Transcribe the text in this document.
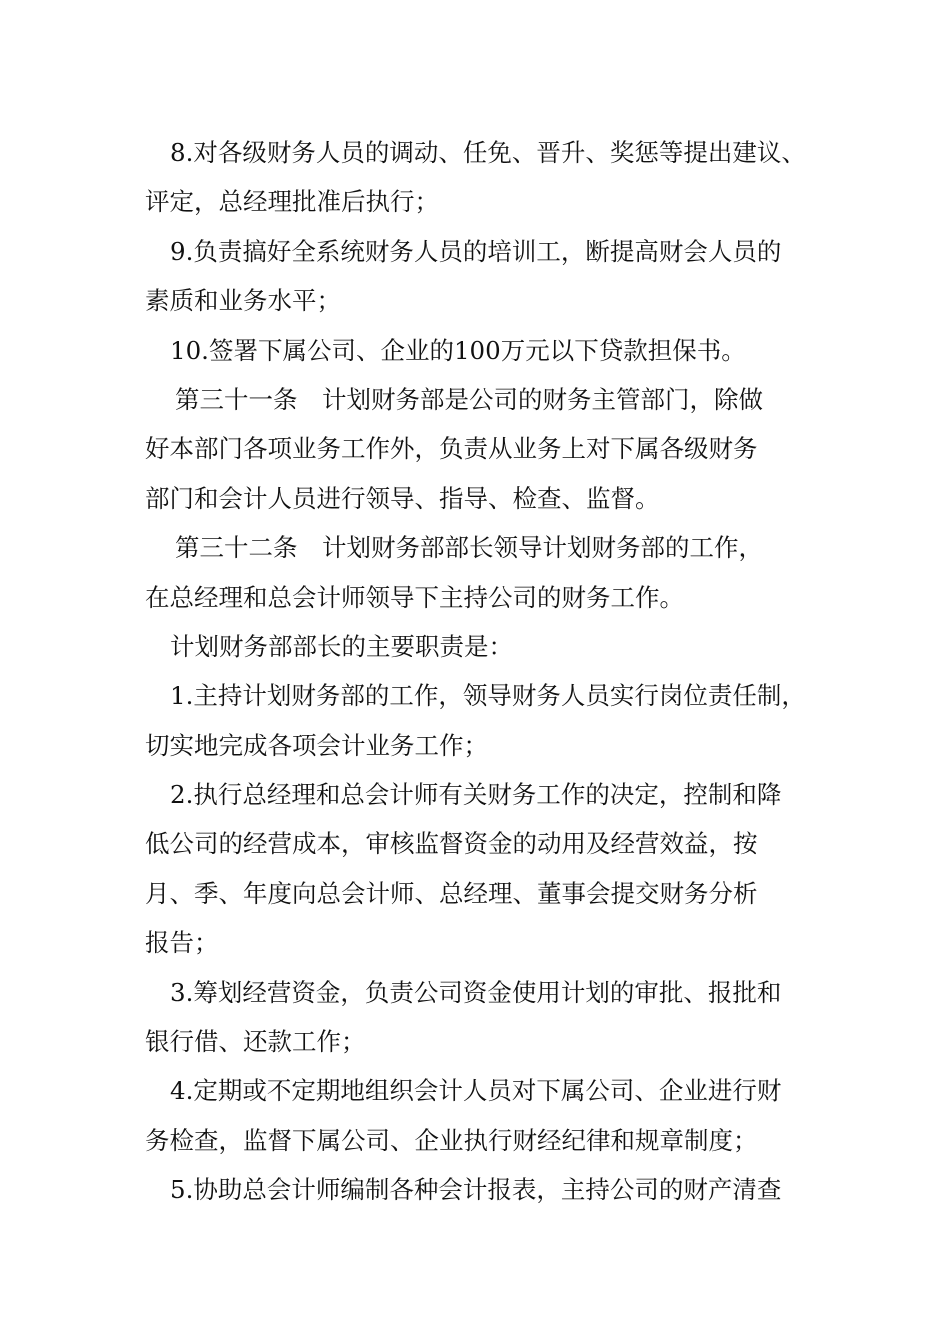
8.对各级财务人员的调动、任免、晋升、奖惩等提出建议、
评定，总经理批准后执行；
9.负责搞好全系统财务人员的培训工，断提高财会人员的
素质和业务水平；
10.签署下属公司、企业的100万元以下贷款担保书。
第三十一条　计划财务部是公司的财务主管部门，除做
好本部门各项业务工作外，负责从业务上对下属各级财务
部门和会计人员进行领导、指导、检查、监督。
第三十二条　计划财务部部长领导计划财务部的工作，
在总经理和总会计师领导下主持公司的财务工作。
计划财务部部长的主要职责是：
1.主持计划财务部的工作，领导财务人员实行岗位责任制，
切实地完成各项会计业务工作；
2.执行总经理和总会计师有关财务工作的决定，控制和降
低公司的经营成本，审核监督资金的动用及经营效益，按
月、季、年度向总会计师、总经理、董事会提交财务分析
报告；
3.筹划经营资金，负责公司资金使用计划的审批、报批和
银行借、还款工作；
4.定期或不定期地组织会计人员对下属公司、企业进行财
务检查，监督下属公司、企业执行财经纪律和规章制度；
5.协助总会计师编制各种会计报表，主持公司的财产清查
